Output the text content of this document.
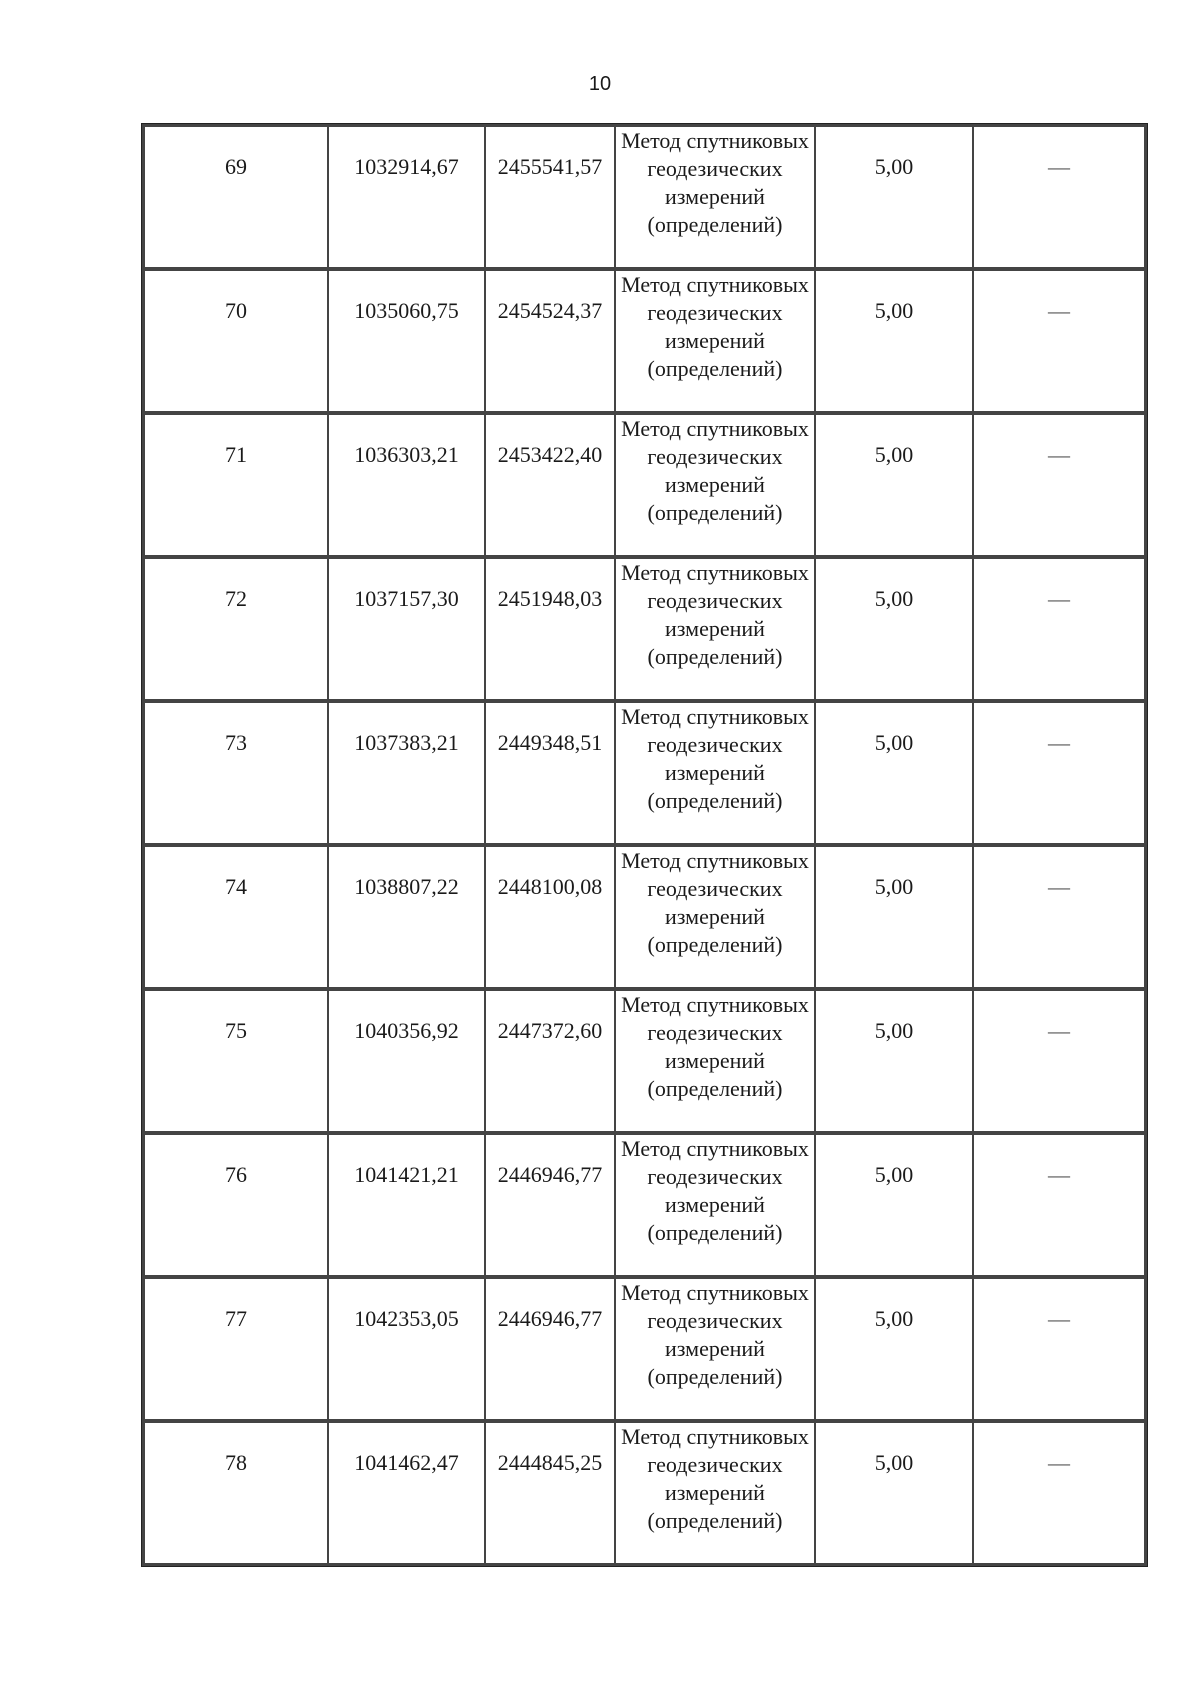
10
69	1032914,67	2455541,57	Метод спутниковых геодезических измерений (определений)	5,00	—

70	1035060,75	2454524,37	Метод спутниковых геодезических измерений (определений)	5,00	—

71	1036303,21	2453422,40	Метод спутниковых геодезических измерений (определений)	5,00	—

72	1037157,30	2451948,03	Метод спутниковых геодезических измерений (определений)	5,00	—

73	1037383,21	2449348,51	Метод спутниковых геодезических измерений (определений)	5,00	—

74	1038807,22	2448100,08	Метод спутниковых геодезических измерений (определений)	5,00	—

75	1040356,92	2447372,60	Метод спутниковых геодезических измерений (определений)	5,00	—

76	1041421,21	2446946,77	Метод спутниковых геодезических измерений (определений)	5,00	—

77	1042353,05	2446946,77	Метод спутниковых геодезических измерений (определений)	5,00	—

78	1041462,47	2444845,25	Метод спутниковых геодезических измерений (определений)	5,00	—
